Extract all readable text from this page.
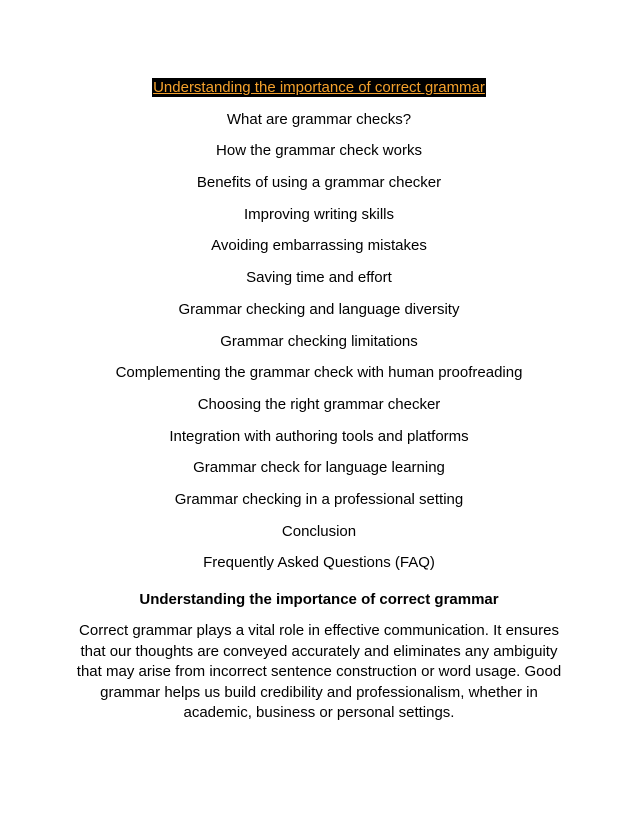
Understanding the importance of correct grammar
What are grammar checks?
How the grammar check works
Benefits of using a grammar checker
Improving writing skills
Avoiding embarrassing mistakes
Saving time and effort
Grammar checking and language diversity
Grammar checking limitations
Complementing the grammar check with human proofreading
Choosing the right grammar checker
Integration with authoring tools and platforms
Grammar check for language learning
Grammar checking in a professional setting
Conclusion
Frequently Asked Questions (FAQ)
Understanding the importance of correct grammar

Correct grammar plays a vital role in effective communication. It ensures that our thoughts are conveyed accurately and eliminates any ambiguity that may arise from incorrect sentence construction or word usage. Good grammar helps us build credibility and professionalism, whether in academic, business or personal settings.
